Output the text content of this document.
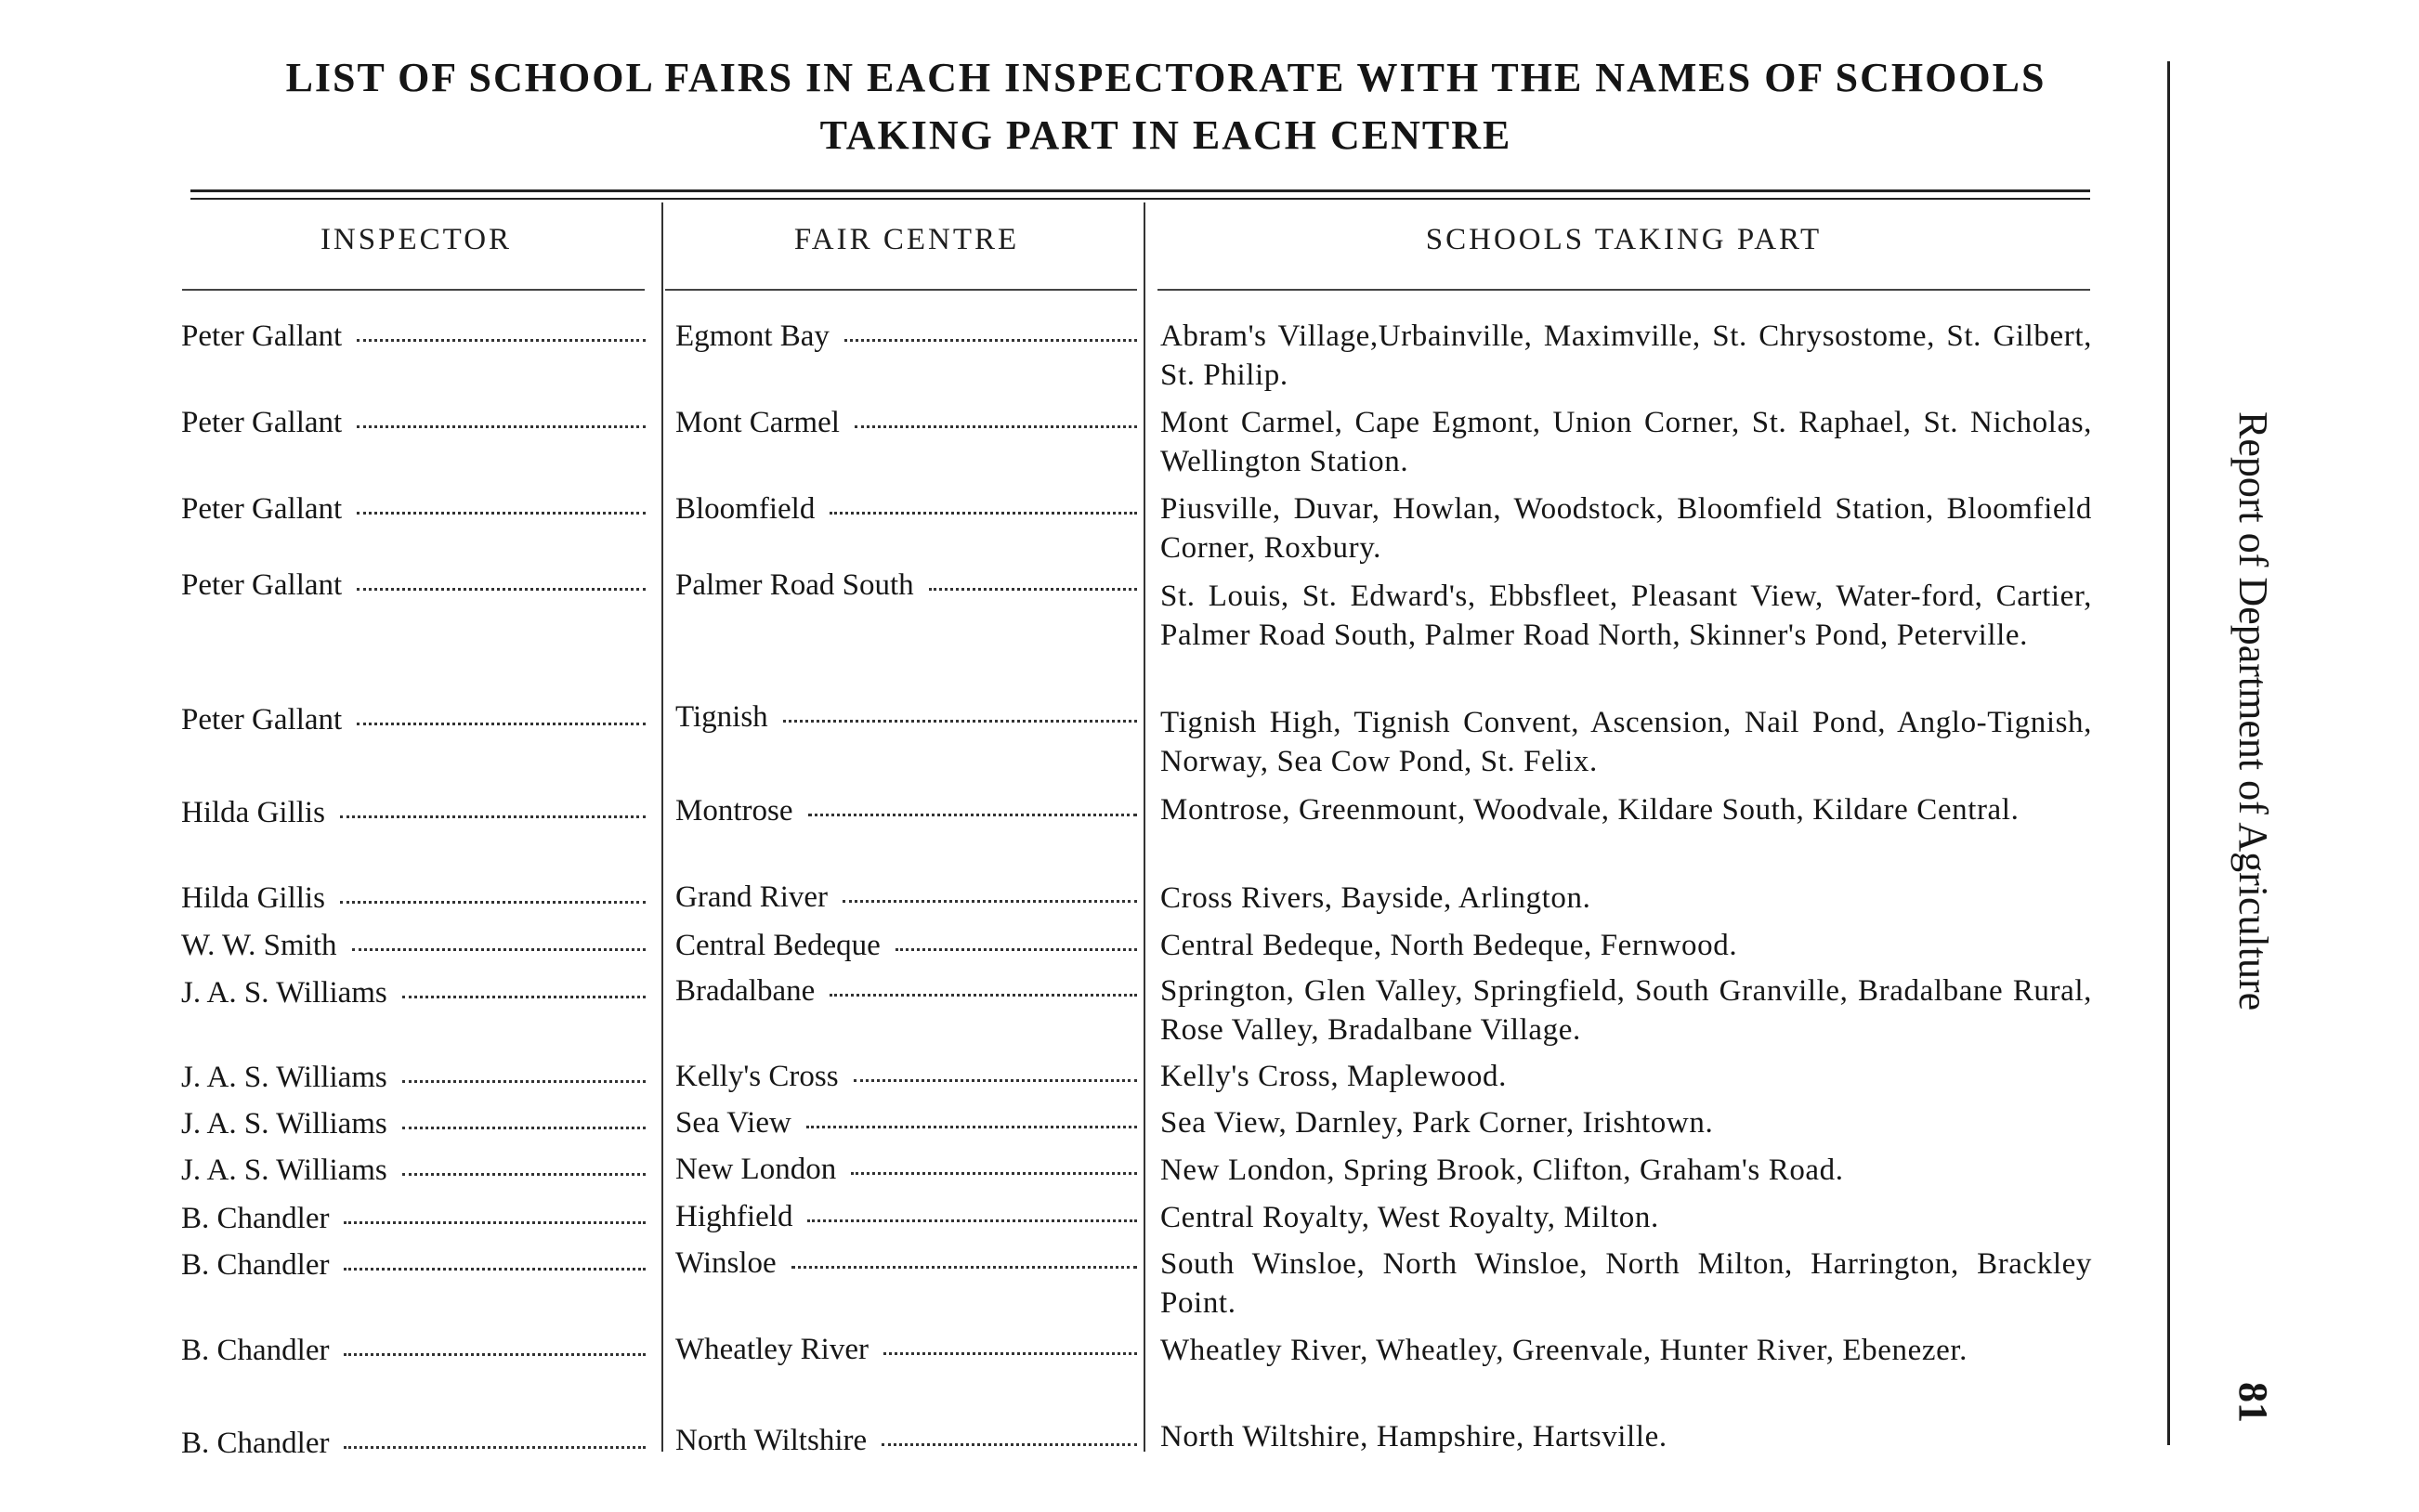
LIST OF SCHOOL FAIRS IN EACH INSPECTORATE WITH THE NAMES OF SCHOOLS
TAKING PART IN EACH CENTRE
Report of Department of Agriculture
81
INSPECTOR	FAIR CENTRE	SCHOOLS TAKING PART
Peter Gallant	Egmont Bay	Abram's Village,Urbainville, Maximville, St. Chrysostome, St. Gilbert, St. Philip.
Peter Gallant	Mont Carmel	Mont Carmel, Cape Egmont, Union Corner, St. Raphael, St. Nicholas, Wellington Station.
Peter Gallant	Bloomfield	Piusville, Duvar, Howlan, Woodstock, Bloomfield Station, Bloomfield Corner, Roxbury.
Peter Gallant	Palmer Road South	St. Louis, St. Edward's, Ebbsfleet, Pleasant View, Water-ford, Cartier, Palmer Road South, Palmer Road North, Skinner's Pond, Peterville.
Peter Gallant	Tignish	Tignish High, Tignish Convent, Ascension, Nail Pond, Anglo-Tignish, Norway, Sea Cow Pond, St. Felix.
Hilda Gillis	Montrose	Montrose, Greenmount, Woodvale, Kildare South, Kildare Central.
Hilda Gillis	Grand River	Cross Rivers, Bayside, Arlington.
W. W. Smith	Central Bedeque	Central Bedeque, North Bedeque, Fernwood.
J. A. S. Williams	Bradalbane	Springton, Glen Valley, Springfield, South Granville, Bradalbane Rural, Rose Valley, Bradalbane Village.
J. A. S. Williams	Kelly's Cross	Kelly's Cross, Maplewood.
J. A. S. Williams	Sea View	Sea View, Darnley, Park Corner, Irishtown.
J. A. S. Williams	New London	New London, Spring Brook, Clifton, Graham's Road.
B. Chandler	Highfield	Central Royalty, West Royalty, Milton.
B. Chandler	Winsloe	South Winsloe, North Winsloe, North Milton, Harrington, Brackley Point.
B. Chandler	Wheatley River	Wheatley River, Wheatley, Greenvale, Hunter River, Ebenezer.
B. Chandler	North Wiltshire	North Wiltshire, Hampshire, Hartsville.
